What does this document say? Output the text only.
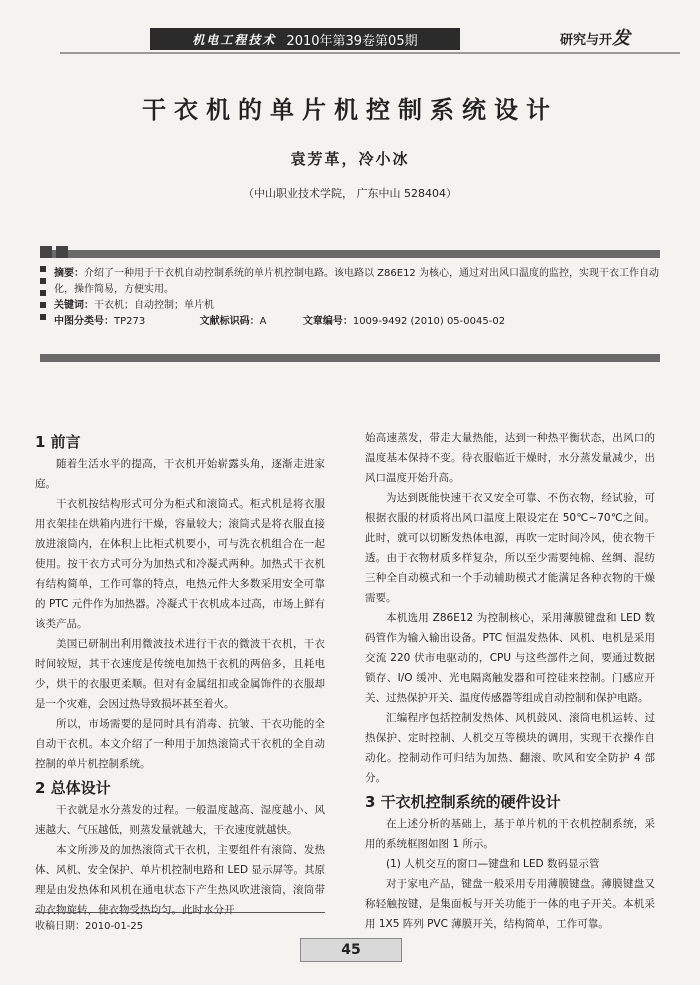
机电工程技术 2010年第39卷第05期	研究与开发
干衣机的单片机控制系统设计
袁芳革，冷小冰
（中山职业技术学院， 广东中山 528404）
摘要：介绍了一种用于干衣机自动控制系统的单片机控制电路。该电路以 Z86E12 为核心，通过对出风口温度的监控，实现干衣工作自动化，操作简易，方便实用。
关键词：干衣机；自动控制；单片机
中图分类号：TP273	文献标识码：A	文章编号：1009-9492 (2010) 05-0045-02
1 前言

随着生活水平的提高，干衣机开始崭露头角，逐渐走进家庭。

干衣机按结构形式可分为柜式和滚筒式。柜式机是将衣服用衣架挂在烘箱内进行干燥，容量较大；滚筒式是将衣服直接放进滚筒内，在体积上比柜式机要小，可与洗衣机组合在一起使用。按干衣方式可分为加热式和冷凝式两种。加热式干衣机有结构简单，工作可靠的特点，电热元件大多数采用安全可靠的 PTC 元件作为加热器。冷凝式干衣机成本过高，市场上鲜有该类产品。

美国已研制出利用微波技术进行干衣的微波干衣机，干衣时间较短，其干衣速度是传统电加热干衣机的两倍多，且耗电少，烘干的衣服更柔顺。但对有金属纽扣或金属饰件的衣服却是一个灾难，会因过热导致损坏甚至着火。

所以，市场需要的是同时具有消毒、抗皱、干衣功能的全自动干衣机。本文介绍了一种用于加热滚筒式干衣机的全自动控制的单片机控制系统。

2 总体设计

干衣就是水分蒸发的过程。一般温度越高、湿度越小、风速越大、气压越低，则蒸发量就越大，干衣速度就越快。

本文所涉及的加热滚筒式干衣机，主要组件有滚筒、发热体、风机、安全保护、单片机控制电路和 LED 显示屏等。其原理是由发热体和风机在通电状态下产生热风吹进滚筒，滚筒带动衣物旋转，使衣物受热均匀。此时水分开

始高速蒸发，带走大量热能，达到一种热平衡状态，出风口的温度基本保持不变。待衣服临近干燥时，水分蒸发量减少，出风口温度开始升高。

为达到既能快速干衣又安全可靠、不伤衣物，经试验，可根据衣服的材质将出风口温度上限设定在 50℃~70℃之间。此时，就可以切断发热体电源，再吹一定时间冷风，使衣物干透。由于衣物材质多样复杂，所以至少需要纯棉、丝绸、混纺三种全自动模式和一个手动辅助模式才能满足各种衣物的干燥需要。

本机选用 Z86E12 为控制核心，采用薄膜键盘和 LED 数码管作为输入输出设备。PTC 恒温发热体、风机、电机是采用交流 220 伏市电驱动的，CPU 与这些部件之间，要通过数据锁存、I/O 缓冲、光电隔离触发器和可控硅来控制。门感应开关、过热保护开关、温度传感器等组成自动控制和保护电路。

汇编程序包括控制发热体、风机鼓风、滚筒电机运转、过热保护、定时控制、人机交互等模块的调用，实现干衣操作自动化。控制动作可归结为加热、翻滚、吹风和安全防护 4 部分。

3 干衣机控制系统的硬件设计

在上述分析的基础上，基于单片机的干衣机控制系统，采用的系统框图如图 1 所示。

(1) 人机交互的窗口—键盘和 LED 数码显示管

对于家电产品，键盘一般采用专用薄膜键盘。薄膜键盘又称轻触按键，是集面板与开关功能于一体的电子开关。本机采用 1X5 阵列 PVC 薄膜开关，结构简单，工作可靠。

收稿日期：2010-01-25
45
